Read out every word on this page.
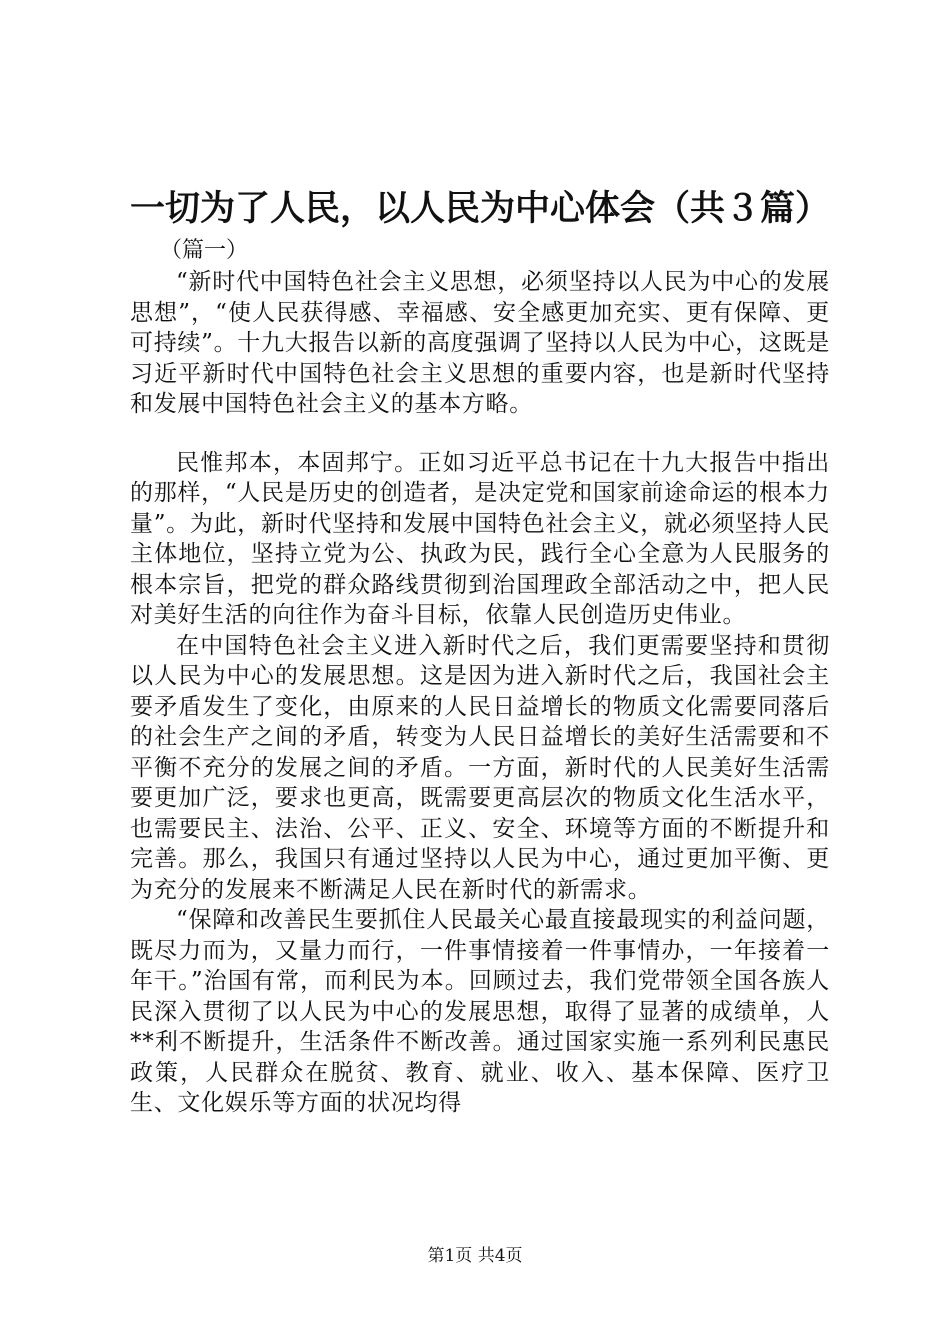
一切为了人民，以人民为中心体会（共３篇）
（篇一）

“新时代中国特色社会主义思想，必须坚持以人民为中心的发展思想”，“使人民获得感、幸福感、安全感更加充实、更有保障、更可持续”。十九大报告以新的高度强调了坚持以人民为中心，这既是习近平新时代中国特色社会主义思想的重要内容，也是新时代坚持和发展中国特色社会主义的基本方略。

民惟邦本，本固邦宁。正如习近平总书记在十九大报告中指出的那样，“人民是历史的创造者，是决定党和国家前途命运的根本力量”。为此，新时代坚持和发展中国特色社会主义，就必须坚持人民主体地位，坚持立党为公、执政为民，践行全心全意为人民服务的根本宗旨，把党的群众路线贯彻到治国理政全部活动之中，把人民对美好生活的向往作为奋斗目标，依靠人民创造历史伟业。

在中国特色社会主义进入新时代之后，我们更需要坚持和贯彻以人民为中心的发展思想。这是因为进入新时代之后，我国社会主要矛盾发生了变化，由原来的人民日益增长的物质文化需要同落后的社会生产之间的矛盾，转变为人民日益增长的美好生活需要和不平衡不充分的发展之间的矛盾。一方面，新时代的人民美好生活需要更加广泛，要求也更高，既需要更高层次的物质文化生活水平，也需要民主、法治、公平、正义、安全、环境等方面的不断提升和完善。那么，我国只有通过坚持以人民为中心，通过更加平衡、更为充分的发展来不断满足人民在新时代的新需求。

“保障和改善民生要抓住人民最关心最直接最现实的利益问题，既尽力而为，又量力而行，一件事情接着一件事情办，一年接着一年干。”治国有常，而利民为本。回顾过去，我们党带领全国各族人民深入贯彻了以人民为中心的发展思想，取得了显著的成绩单，人**利不断提升，生活条件不断改善。通过国家实施一系列利民惠民政策，人民群众在脱贫、教育、就业、收入、基本保障、医疗卫生、文化娱乐等方面的状况均得

第1页 共4页
